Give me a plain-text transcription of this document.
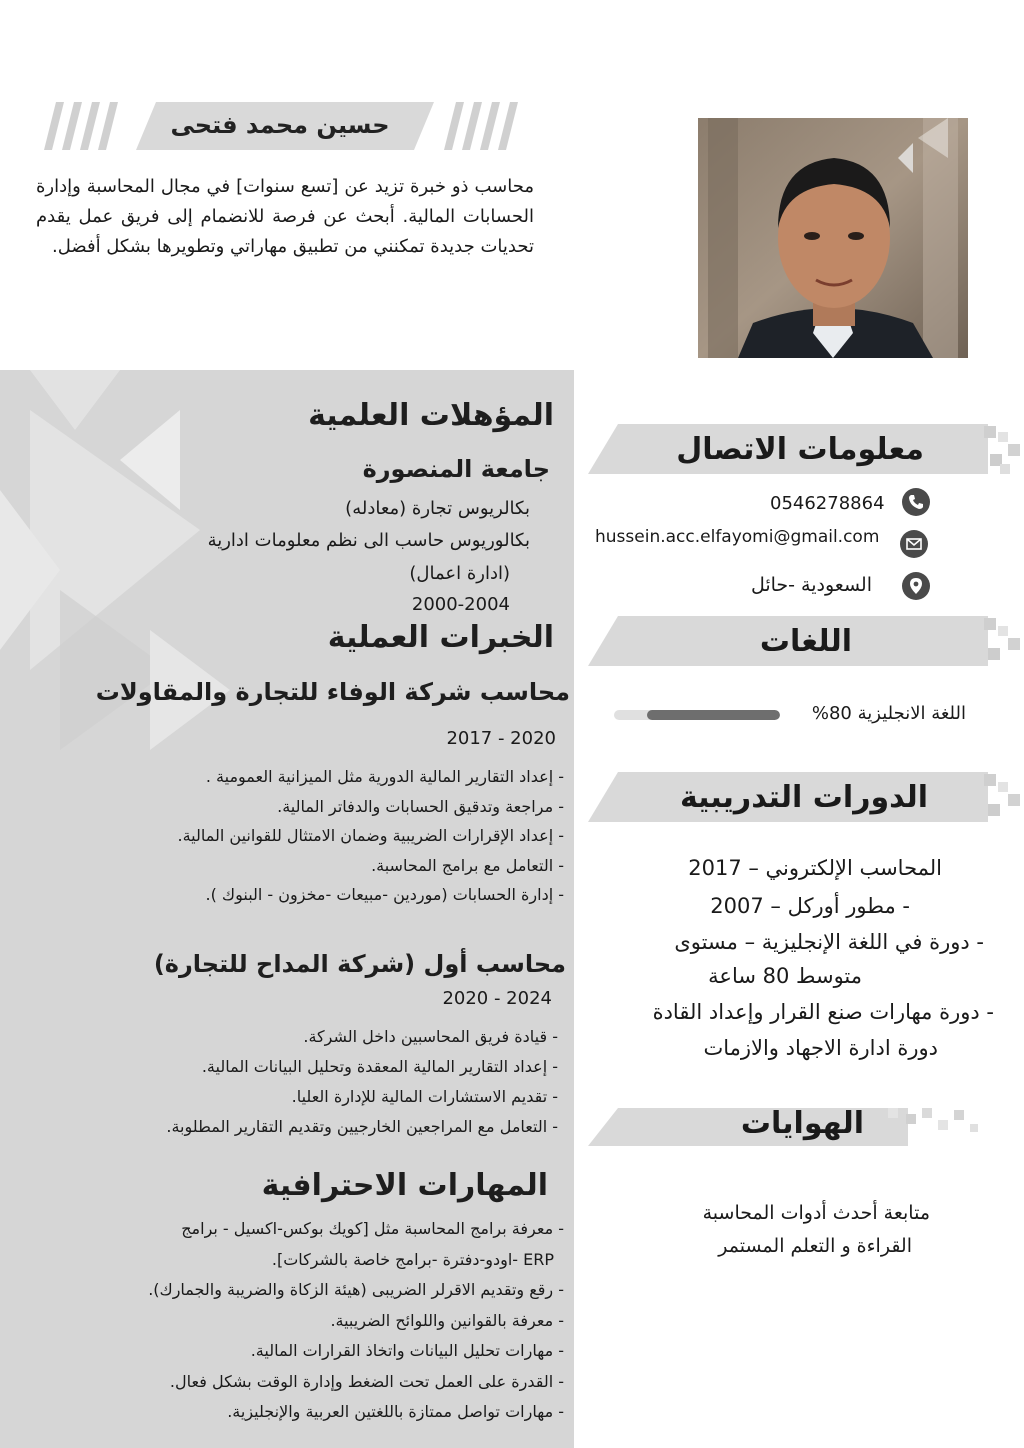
حسين محمد فتحى
محاسب ذو خبرة تزيد عن [تسع سنوات] في مجال المحاسبة وإدارة الحسابات المالية. أبحث عن فرصة للانضمام إلى فريق عمل يقدم تحديات جديدة تمكنني من تطبيق مهاراتي وتطويرها بشكل أفضل.
المؤهلات العلمية
جامعة المنصورة
بكالريوس تجارة (معادله)
بكالوريوس حاسب الى نظم معلومات ادارية
(ادارة اعمال)
2000-2004
الخبرات العملية
محاسب شركة الوفاء للتجارة والمقاولات
2017 - 2020
- إعداد التقارير المالية الدورية مثل الميزانية العمومية .
- مراجعة وتدقيق الحسابات والدفاتر المالية.
- إعداد الإقرارات الضريبية وضمان الامتثال للقوانين المالية.
- التعامل مع برامج المحاسبة.
- إدارة الحسابات (موردين -مبيعات -مخزون - البنوك ).
محاسب أول (شركة المداح للتجارة)
2020 - 2024
- قيادة فريق المحاسبين داخل الشركة.
- إعداد التقارير المالية المعقدة وتحليل البيانات المالية.
- تقديم الاستشارات المالية للإدارة العليا.
- التعامل مع المراجعين الخارجيين وتقديم التقارير المطلوبة.
المهارات الاحترافية
- معرفة برامج المحاسبة مثل [كويك بوكس-اكسيل - برامج
ERP -اودو-دفترة -برامج خاصة بالشركات].
- رقع وتقديم الاقرلر الضريبى (هيئة الزكاة والضريبة والجمارك).
- معرفة بالقوانين واللوائح الضريبية.
- مهارات تحليل البيانات واتخاذ القرارات المالية.
- القدرة على العمل تحت الضغط وإدارة الوقت بشكل فعال.
- مهارات تواصل ممتازة باللغتين العربية والإنجليزية.
معلومات الاتصال
0546278864
hussein.acc.elfayomi@gmail.com
السعودية -حائل
اللغات
اللغة الانجليزية 80%
الدورات التدريبية
المحاسب الإلكتروني – 2017
- مطور أوركل – 2007
- دورة في اللغة الإنجليزية – مستوى
متوسط 80 ساعة
- دورة مهارات صنع القرار وإعداد القادة
دورة ادارة الاجهاد والازمات
الهوايات
متابعة أحدث أدوات المحاسبة
القراءة و التعلم المستمر
